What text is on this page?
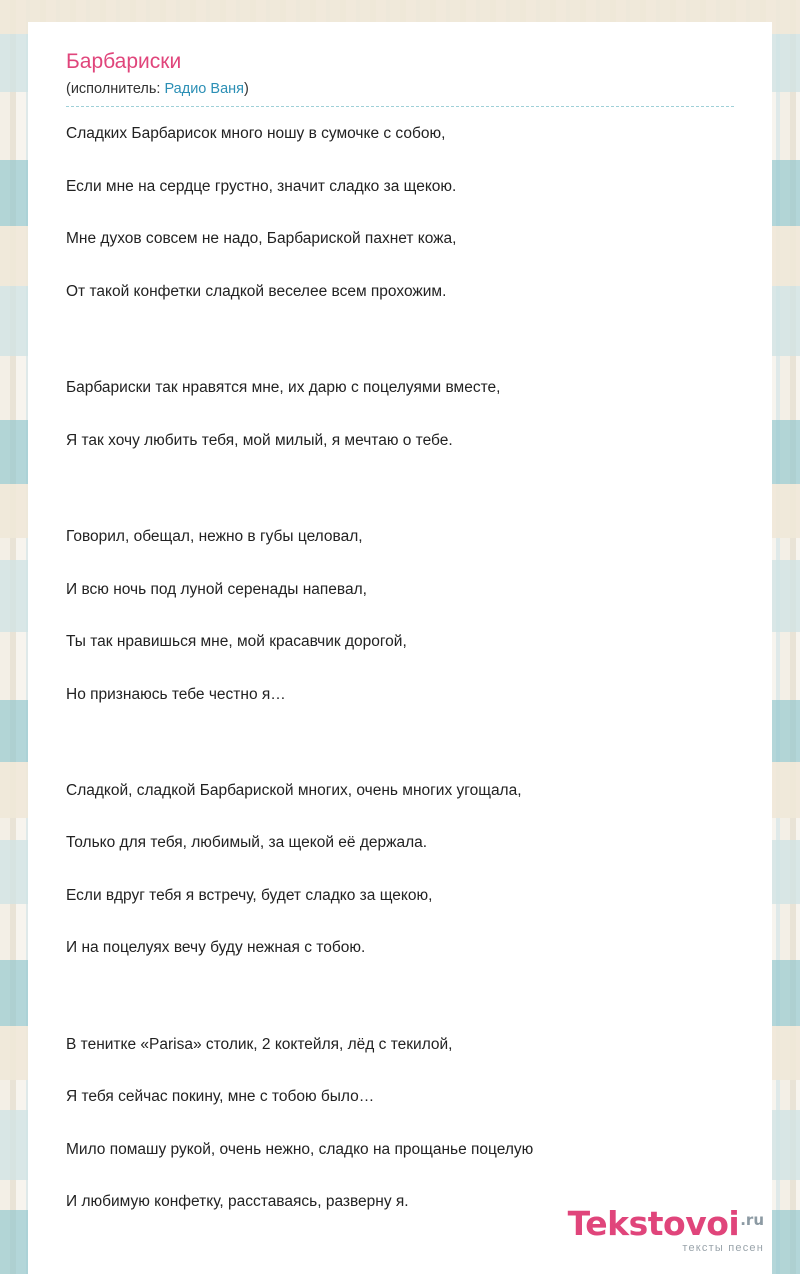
Барбариски
(исполнитель: Радио Ваня)

Сладких Барбарисок много ношу в сумочке с собою,

Если мне на сердце грустно, значит сладко за щекою.

Мне духов совсем не надо, Барбариской пахнет кожа,

От такой конфетки сладкой веселее всем прохожим.

Барбариски так нравятся мне, их дарю с поцелуями вместе,

Я так хочу любить тебя, мой милый, я мечтаю о тебе.

Говорил, обещал, нежно в губы целовал,

И всю ночь под луной серенады напевал,

Ты так нравишься мне, мой красавчик дорогой,

Но признаюсь тебе честно я…

Сладкой, сладкой Барбариской многих, очень многих угощала,

Только для тебя, любимый, за щекой её держала.

Если вдруг тебя я встречу, будет сладко за щекою,

И на поцелуях вечу буду нежная с тобою.

В тенитке «Parisa» столик, 2 коктейля, лёд с текилой,

Я тебя сейчас покину, мне с тобою было…

Мило помашу рукой, очень нежно, сладко на прощанье поцелую

И любимую конфетку, расставаясь, разверну я.

Tekstovoi.ru
тексты песен
